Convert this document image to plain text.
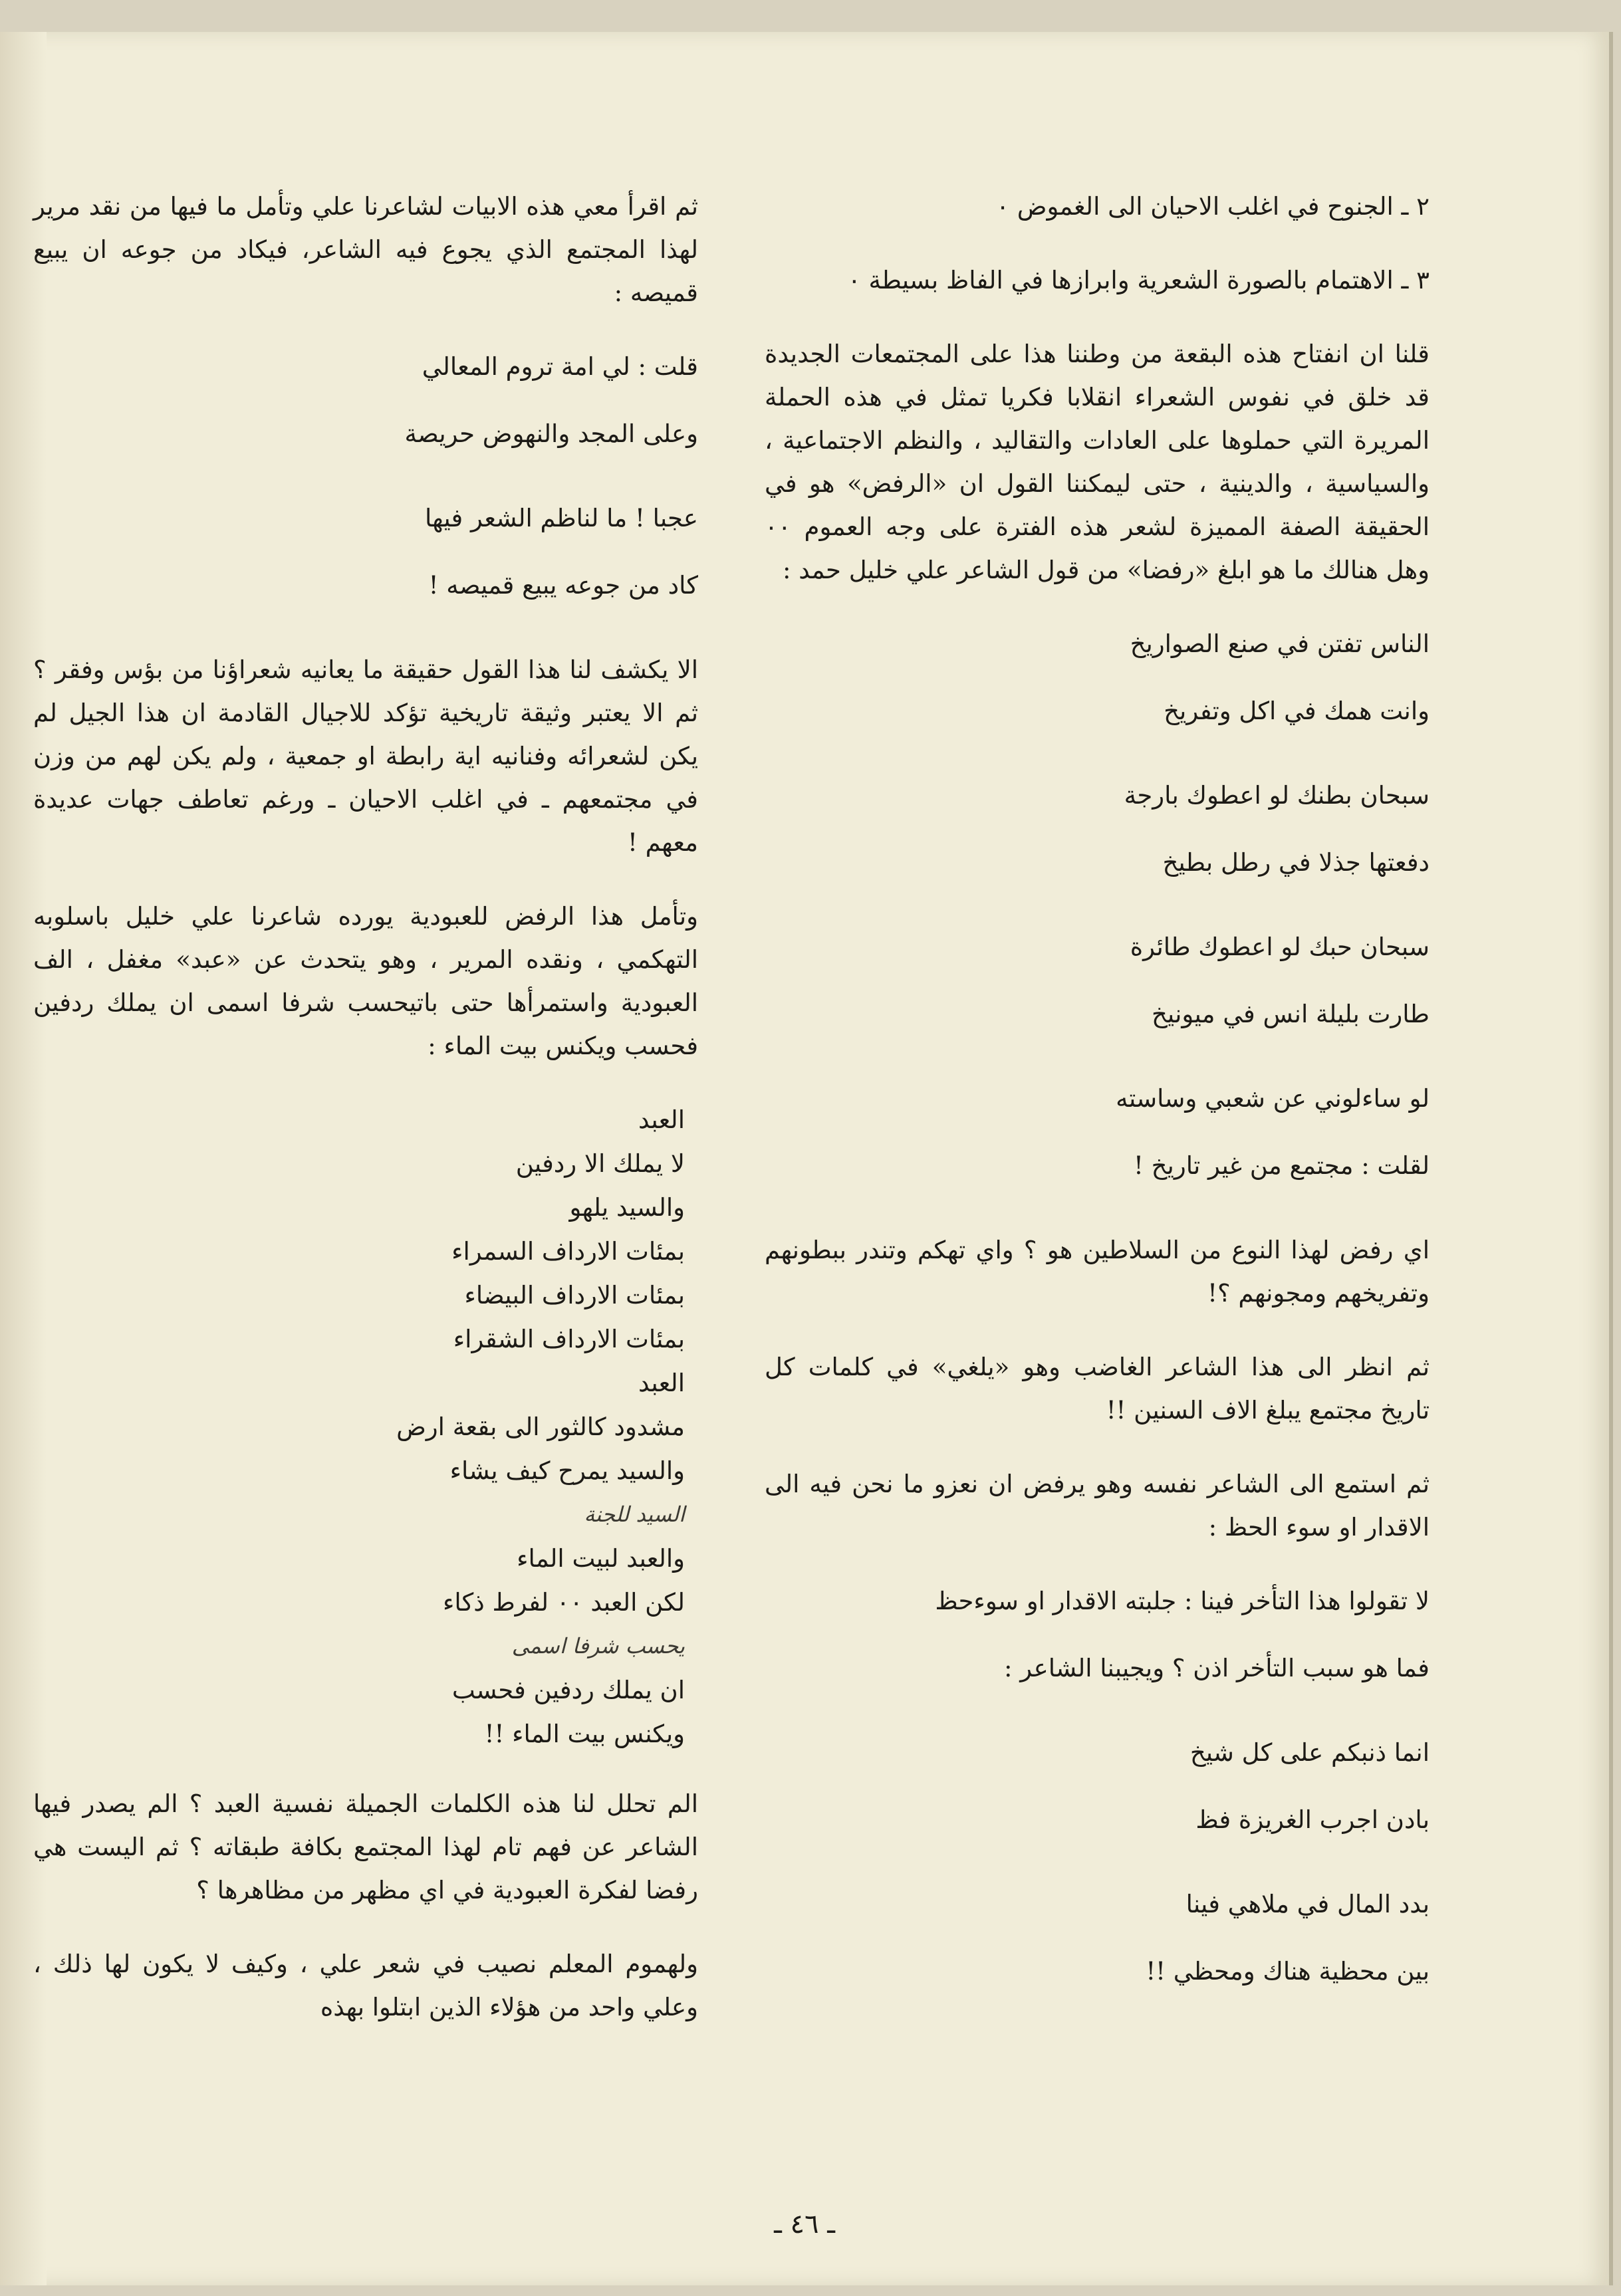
٢ ـ الجنوح في اغلب الاحيان الى الغموض ٠

٣ ـ الاهتمام بالصورة الشعرية وابرازها في الفاظ بسيطة ٠

قلنا ان انفتاح هذه البقعة من وطننا هذا على المجتمعات الجديدة قد خلق في نفوس الشعراء انقلابا فكريا تمثل في هذه الحملة المريرة التي حملوها على العادات والتقاليد ، والنظم الاجتماعية ، والسياسية ، والدينية ، حتى ليمكننا القول ان «الرفض» هو في الحقيقة الصفة المميزة لشعر هذه الفترة على وجه العموم ٠٠ وهل هنالك ما هو ابلغ «رفضا» من قول الشاعر علي خليل حمد :

الناس تفتن في صنع الصواريخ
وانت همك في اكل وتفريخ
سبحان بطنك لو اعطوك بارجة
دفعتها جذلا في رطل بطيخ
سبحان حبك لو اعطوك طائرة
طارت بليلة انس في ميونيخ
لو ساءلوني عن شعبي وساسته
لقلت : مجتمع من غير تاريخ !

اي رفض لهذا النوع من السلاطين هو ؟ واي تهكم وتندر ببطونهم وتفريخهم ومجونهم ؟!

ثم انظر الى هذا الشاعر الغاضب وهو «يلغي» في كلمات كل تاريخ مجتمع يبلغ الاف السنين !!

ثم استمع الى الشاعر نفسه وهو يرفض ان نعزو ما نحن فيه الى الاقدار او سوء الحظ :

لا تقولوا هذا التأخر فينا : جلبته الاقدار او سوءحظ
فما هو سبب التأخر اذن ؟ ويجيبنا الشاعر :
انما ذنبكم على كل شيخ
بادن اجرب الغريزة فظ
بدد المال في ملاهي فينا
بين محظية هناك ومحظي !!

ثم اقرأ معي هذه الابيات لشاعرنا علي وتأمل ما فيها من نقد مرير لهذا المجتمع الذي يجوع فيه الشاعر، فيكاد من جوعه ان يبيع قميصه :

قلت : لي امة تروم المعالي
وعلى المجد والنهوض حريصة
عجبا ! ما لناظم الشعر فيها
كاد من جوعه يبيع قميصه !

الا يكشف لنا هذا القول حقيقة ما يعانيه شعراؤنا من بؤس وفقر ؟ ثم الا يعتبر وثيقة تاريخية تؤكد للاجيال القادمة ان هذا الجيل لم يكن لشعرائه وفنانيه اية رابطة او جمعية ، ولم يكن لهم من وزن في مجتمعهم ـ في اغلب الاحيان ـ ورغم تعاطف جهات عديدة معهم !

وتأمل هذا الرفض للعبودية يورده شاعرنا علي خليل باسلوبه التهكمي ، ونقده المرير ، وهو يتحدث عن «عبد» مغفل ، الف العبودية واستمرأها حتى باتيحسب شرفا اسمى ان يملك ردفين فحسب ويكنس بيت الماء :

العبد
لا يملك الا ردفين
والسيد يلهو
بمئات الارداف السمراء
بمئات الارداف البيضاء
بمئات الارداف الشقراء
العبد
مشدود كالثور الى بقعة ارض
والسيد يمرح كيف يشاء
السيد للجنة
والعبد لبيت الماء
لكن العبد ٠٠ لفرط ذكاء
يحسب شرفا اسمى
ان يملك ردفين فحسب
ويكنس بيت الماء !!

الم تحلل لنا هذه الكلمات الجميلة نفسية العبد ؟ الم يصدر فيها الشاعر عن فهم تام لهذا المجتمع بكافة طبقاته ؟ ثم اليست هي رفضا لفكرة العبودية في اي مظهر من مظاهرها ؟

ولهموم المعلم نصيب في شعر علي ، وكيف لا يكون لها ذلك ، وعلي واحد من هؤلاء الذين ابتلوا بهذه

ـ ٤٦ ـ
